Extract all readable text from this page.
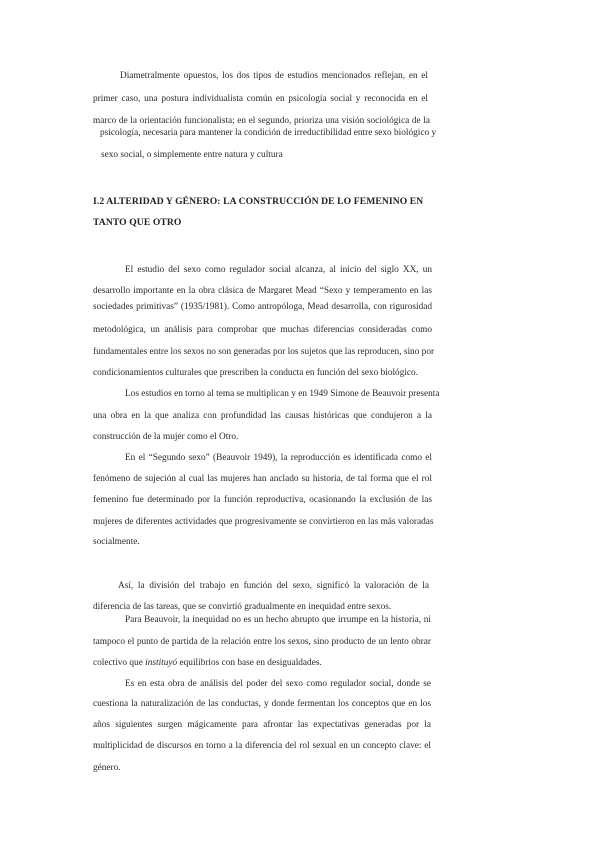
Diametralmente opuestos, los dos tipos de estudios mencionados reflejan, en el
primer caso, una postura individualista común en psicología social y reconocida en el
marco de la orientación funcionalista; en el segundo, prioriza una visión sociológica de la
psicología, necesaria para mantener la condición de irreductibilidad entre sexo biológico y
sexo social, o simplemente entre natura y cultura
I.2 ALTERIDAD Y GÉNERO: LA CONSTRUCCIÓN DE LO FEMENINO EN
TANTO QUE OTRO
El estudio del sexo como regulador social alcanza, al inicio del siglo XX, un
desarrollo importante en la obra clásica de Margaret Mead “Sexo y temperamento en las
sociedades primitivas” (1935/1981). Como antropóloga, Mead desarrolla, con rigurosidad
metodológica, un análisis para comprobar que muchas diferencias consideradas como
fundamentales entre los sexos no son generadas por los sujetos que las reproducen, sino por
condicionamientos culturales que prescriben la conducta en función del sexo biológico.
Los estudios en torno al tema se multiplican y en 1949 Simone de Beauvoir presenta
una obra en la que analiza con profundidad las causas históricas que condujeron a la
construcción de la mujer como el Otro.
En el “Segundo sexo” (Beauvoir 1949), la reproducción es identificada como el
fenómeno de sujeción al cual las mujeres han anclado su historia, de tal forma que el rol
femenino fue determinado por la función reproductiva, ocasionando la exclusión de las
mujeres de diferentes actividades que progresivamente se convirtieron en las más valoradas
socialmente.
Así, la división del trabajo en función del sexo, significó la valoración de la
diferencia de las tareas, que se convirtió gradualmente en inequidad entre sexos.
Para Beauvoir, la inequidad no es un hecho abrupto que irrumpe en la historia, ni
tampoco el punto de partida de la relación entre los sexos, sino producto de un lento obrar
colectivo que instituyó equilibrios con base en desigualdades.
Es en esta obra de análisis del poder del sexo como regulador social, donde se
cuestiona la naturalización de las conductas, y donde fermentan los conceptos que en los
años siguientes surgen mágicamente para afrontar las expectativas generadas por la
multiplicidad de discursos en torno a la diferencia del rol sexual en un concepto clave: el
género.
